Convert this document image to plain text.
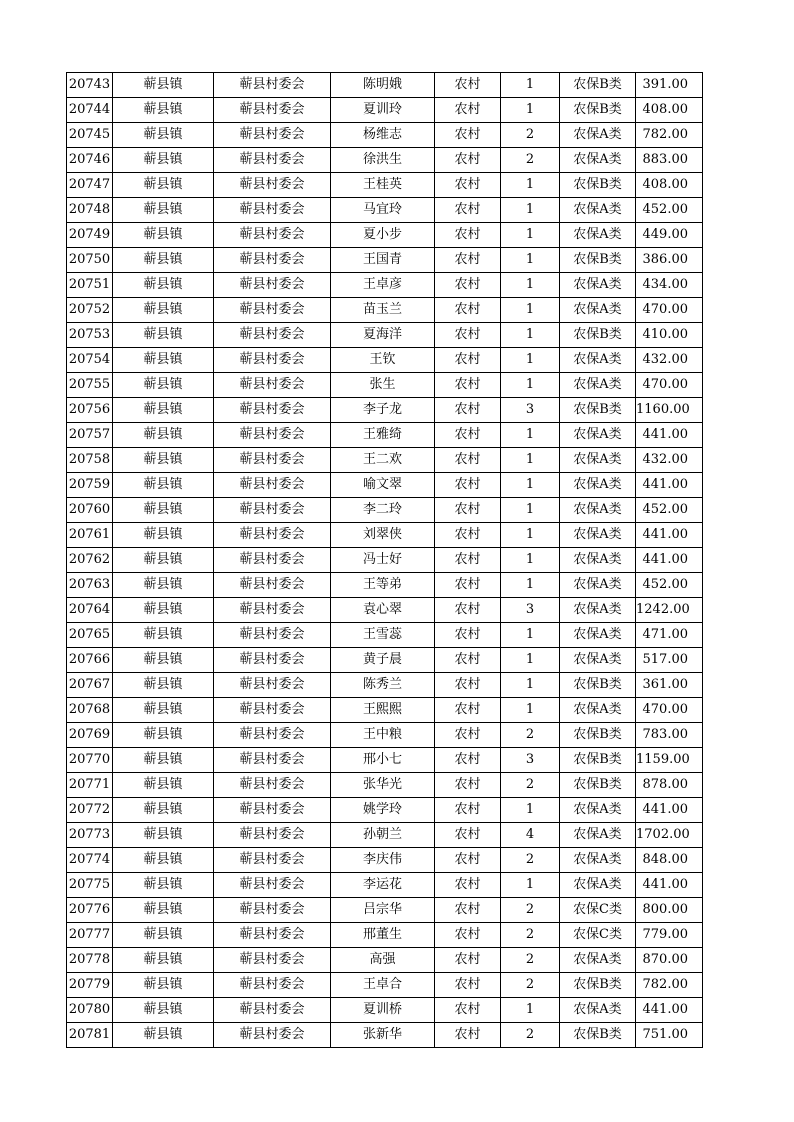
20743	蕲县镇	蕲县村委会	陈明娥	农村	1	农保B类	391.00
20744	蕲县镇	蕲县村委会	夏训玲	农村	1	农保B类	408.00
20745	蕲县镇	蕲县村委会	杨维志	农村	2	农保A类	782.00
20746	蕲县镇	蕲县村委会	徐洪生	农村	2	农保A类	883.00
20747	蕲县镇	蕲县村委会	王桂英	农村	1	农保B类	408.00
20748	蕲县镇	蕲县村委会	马宜玲	农村	1	农保A类	452.00
20749	蕲县镇	蕲县村委会	夏小步	农村	1	农保A类	449.00
20750	蕲县镇	蕲县村委会	王国青	农村	1	农保B类	386.00
20751	蕲县镇	蕲县村委会	王卓彦	农村	1	农保A类	434.00
20752	蕲县镇	蕲县村委会	苗玉兰	农村	1	农保A类	470.00
20753	蕲县镇	蕲县村委会	夏海洋	农村	1	农保B类	410.00
20754	蕲县镇	蕲县村委会	王钦	农村	1	农保A类	432.00
20755	蕲县镇	蕲县村委会	张生	农村	1	农保A类	470.00
20756	蕲县镇	蕲县村委会	李子龙	农村	3	农保B类	1160.00
20757	蕲县镇	蕲县村委会	王雅绮	农村	1	农保A类	441.00
20758	蕲县镇	蕲县村委会	王二欢	农村	1	农保A类	432.00
20759	蕲县镇	蕲县村委会	喻文翠	农村	1	农保A类	441.00
20760	蕲县镇	蕲县村委会	李二玲	农村	1	农保A类	452.00
20761	蕲县镇	蕲县村委会	刘翠侠	农村	1	农保A类	441.00
20762	蕲县镇	蕲县村委会	冯士好	农村	1	农保A类	441.00
20763	蕲县镇	蕲县村委会	王等弟	农村	1	农保A类	452.00
20764	蕲县镇	蕲县村委会	袁心翠	农村	3	农保A类	1242.00
20765	蕲县镇	蕲县村委会	王雪蕊	农村	1	农保A类	471.00
20766	蕲县镇	蕲县村委会	黄子晨	农村	1	农保A类	517.00
20767	蕲县镇	蕲县村委会	陈秀兰	农村	1	农保B类	361.00
20768	蕲县镇	蕲县村委会	王熙熙	农村	1	农保A类	470.00
20769	蕲县镇	蕲县村委会	王中粮	农村	2	农保B类	783.00
20770	蕲县镇	蕲县村委会	邢小七	农村	3	农保B类	1159.00
20771	蕲县镇	蕲县村委会	张华光	农村	2	农保B类	878.00
20772	蕲县镇	蕲县村委会	姚学玲	农村	1	农保A类	441.00
20773	蕲县镇	蕲县村委会	孙朝兰	农村	4	农保A类	1702.00
20774	蕲县镇	蕲县村委会	李庆伟	农村	2	农保A类	848.00
20775	蕲县镇	蕲县村委会	李运花	农村	1	农保A类	441.00
20776	蕲县镇	蕲县村委会	吕宗华	农村	2	农保C类	800.00
20777	蕲县镇	蕲县村委会	邢董生	农村	2	农保C类	779.00
20778	蕲县镇	蕲县村委会	高强	农村	2	农保A类	870.00
20779	蕲县镇	蕲县村委会	王卓合	农村	2	农保B类	782.00
20780	蕲县镇	蕲县村委会	夏训桥	农村	1	农保A类	441.00
20781	蕲县镇	蕲县村委会	张新华	农村	2	农保B类	751.00
